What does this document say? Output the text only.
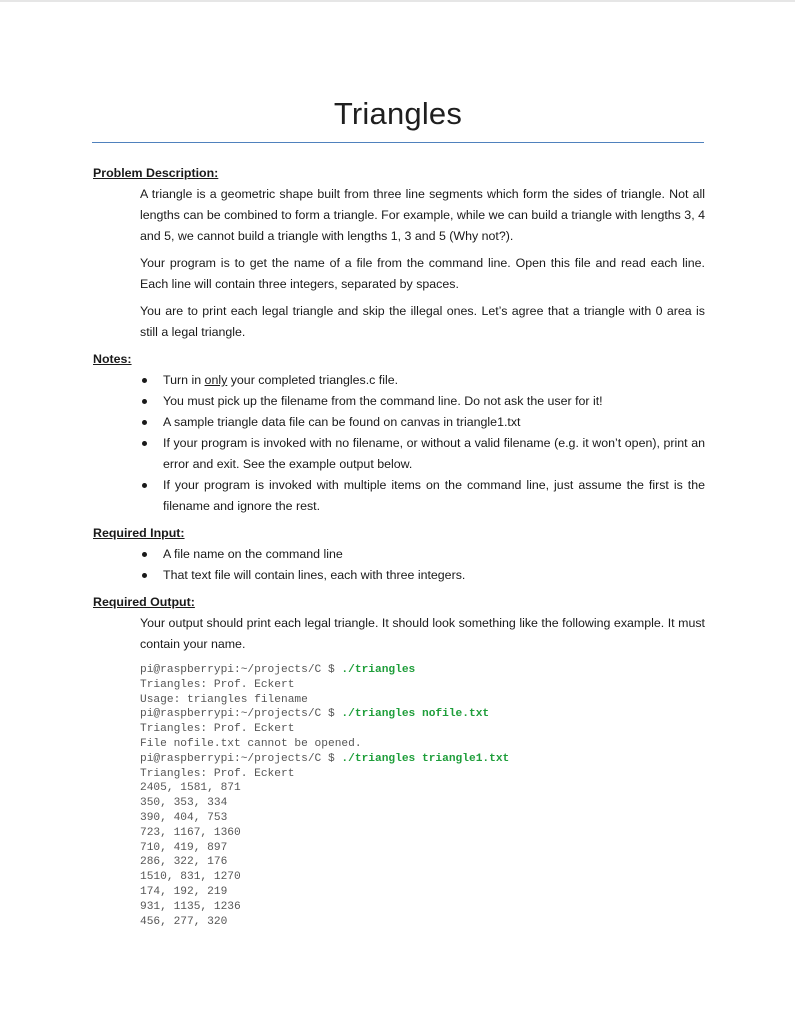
Triangles

Problem Description:

A triangle is a geometric shape built from three line segments which form the sides of triangle. Not all lengths can be combined to form a triangle. For example, while we can build a triangle with lengths 3, 4 and 5, we cannot build a triangle with lengths 1, 3 and 5 (Why not?).

Your program is to get the name of a file from the command line. Open this file and read each line. Each line will contain three integers, separated by spaces.

You are to print each legal triangle and skip the illegal ones. Let’s agree that a triangle with 0 area is still a legal triangle.

Notes:

Turn in only your completed triangles.c file.
You must pick up the filename from the command line. Do not ask the user for it!
A sample triangle data file can be found on canvas in triangle1.txt
If your program is invoked with no filename, or without a valid filename (e.g. it won’t open), print an error and exit. See the example output below.
If your program is invoked with multiple items on the command line, just assume the first is the filename and ignore the rest.

Required Input:

A file name on the command line
That text file will contain lines, each with three integers.

Required Output:

Your output should print each legal triangle. It should look something like the following example. It must contain your name.

pi@raspberrypi:~/projects/C $ ./triangles
Triangles: Prof. Eckert
Usage: triangles filename
pi@raspberrypi:~/projects/C $ ./triangles nofile.txt
Triangles: Prof. Eckert
File nofile.txt cannot be opened.
pi@raspberrypi:~/projects/C $ ./triangles triangle1.txt
Triangles: Prof. Eckert
2405, 1581, 871
350, 353, 334
390, 404, 753
723, 1167, 1360
710, 419, 897
286, 322, 176
1510, 831, 1270
174, 192, 219
931, 1135, 1236
456, 277, 320
